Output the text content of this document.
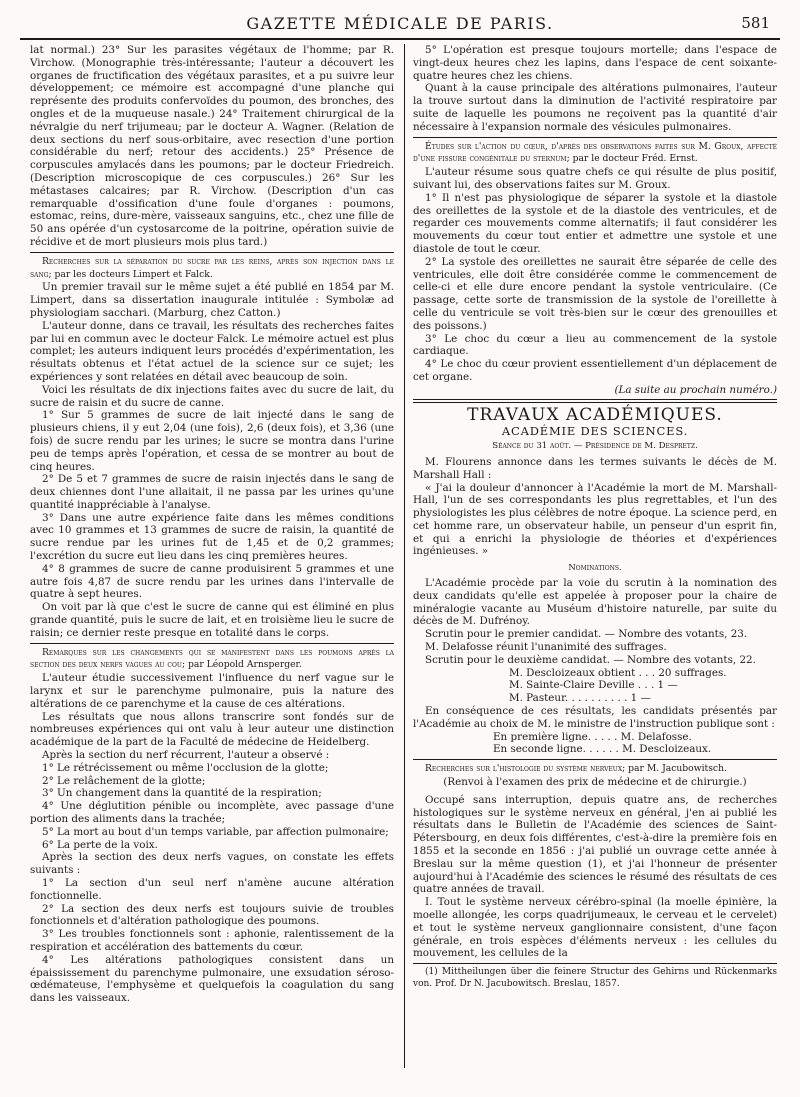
GAZETTE MÉDICALE DE PARIS.	581

lat normal.) 23° Sur les parasites végétaux de l'homme; par R. Virchow. (Monographie très-intéressante; l'auteur a découvert les organes de fructification des végétaux parasites, et a pu suivre leur développement; ce mémoire est accompagné d'une planche qui représente des produits confervoïdes du poumon, des bronches, des ongles et de la muqueuse nasale.) 24° Traitement chirurgical de la névralgie du nerf trijumeau; par le docteur A. Wagner. (Relation de deux sections du nerf sous-orbitaire, avec resection d'une portion considérable du nerf; retour des accidents.) 25° Présence de corpuscules amylacés dans les poumons; par le docteur Friedreich. (Description microscopique de ces corpuscules.) 26° Sur les métastases calcaires; par R. Virchow. (Description d'un cas remarquable d'ossification d'une foule d'organes : poumons, estomac, reins, dure-mère, vaisseaux sanguins, etc., chez une fille de 50 ans opérée d'un cystosarcome de la poitrine, opération suivie de récidive et de mort plusieurs mois plus tard.)

Recherches sur la séparation du sucre par les reins, après son injection dans le sang; par les docteurs Limpert et Falck.

Un premier travail sur le même sujet a été publié en 1854 par M. Limpert, dans sa dissertation inaugurale intitulée : Symbolæ ad physiologiam sacchari. (Marburg, chez Catton.)

L'auteur donne, dans ce travail, les résultats des recherches faites par lui en commun avec le docteur Falck. Le mémoire actuel est plus complet; les auteurs indiquent leurs procédés d'expérimentation, les résultats obtenus et l'état actuel de la science sur ce sujet; les expériences y sont relatées en détail avec beaucoup de soin.

Voici les résultats de dix injections faites avec du sucre de lait, du sucre de raisin et du sucre de canne.

1° Sur 5 grammes de sucre de lait injecté dans le sang de plusieurs chiens, il y eut 2,04 (une fois), 2,6 (deux fois), et 3,36 (une fois) de sucre rendu par les urines; le sucre se montra dans l'urine peu de temps après l'opération, et cessa de se montrer au bout de cinq heures.

2° De 5 et 7 grammes de sucre de raisin injectés dans le sang de deux chiennes dont l'une allaitait, il ne passa par les urines qu'une quantité inappréciable à l'analyse.

3° Dans une autre expérience faite dans les mêmes conditions avec 10 grammes et 13 grammes de sucre de raisin, la quantité de sucre rendue par les urines fut de 1,45 et de 0,2 grammes; l'excrétion du sucre eut lieu dans les cinq premières heures.

4° 8 grammes de sucre de canne produisirent 5 grammes et une autre fois 4,87 de sucre rendu par les urines dans l'intervalle de quatre à sept heures.

On voit par là que c'est le sucre de canne qui est éliminé en plus grande quantité, puis le sucre de lait, et en troisième lieu le sucre de raisin; ce dernier reste presque en totalité dans le corps.

Remarques sur les changements qui se manifestent dans les poumons après la section des deux nerfs vagues au cou; par Léopold Arnsperger.

L'auteur étudie successivement l'influence du nerf vague sur le larynx et sur le parenchyme pulmonaire, puis la nature des altérations de ce parenchyme et la cause de ces altérations.

Les résultats que nous allons transcrire sont fondés sur de nombreuses expériences qui ont valu à leur auteur une distinction académique de la part de la Faculté de médecine de Heidelberg.

Après la section du nerf récurrent, l'auteur a observé :

1° Le rétrécissement ou même l'occlusion de la glotte;

2° Le relâchement de la glotte;

3° Un changement dans la quantité de la respiration;

4° Une déglutition pénible ou incomplète, avec passage d'une portion des aliments dans la trachée;

5° La mort au bout d'un temps variable, par affection pulmonaire;

6° La perte de la voix.

Après la section des deux nerfs vagues, on constate les effets suivants :

1° La section d'un seul nerf n'amène aucune altération fonctionnelle.

2° La section des deux nerfs est toujours suivie de troubles fonctionnels et d'altération pathologique des poumons.

3° Les troubles fonctionnels sont : aphonie, ralentissement de la respiration et accélération des battements du cœur.

4° Les altérations pathologiques consistent dans un épaississement du parenchyme pulmonaire, une exsudation séroso-œdémateuse, l'emphysème et quelquefois la coagulation du sang dans les vaisseaux.

5° L'opération est presque toujours mortelle; dans l'espace de vingt-deux heures chez les lapins, dans l'espace de cent soixante-quatre heures chez les chiens.

Quant à la cause principale des altérations pulmonaires, l'auteur la trouve surtout dans la diminution de l'activité respiratoire par suite de laquelle les poumons ne reçoivent pas la quantité d'air nécessaire à l'expansion normale des vésicules pulmonaires.

Études sur l'action du cœur, d'après des observations faites sur M. Groux, affecté d'une fissure congénitale du sternum; par le docteur Fréd. Ernst.

L'auteur résume sous quatre chefs ce qui résulte de plus positif, suivant lui, des observations faites sur M. Groux.

1° Il n'est pas physiologique de séparer la systole et la diastole des oreillettes de la systole et de la diastole des ventricules, et de regarder ces mouvements comme alternatifs; il faut considérer les mouvements du cœur tout entier et admettre une systole et une diastole de tout le cœur.

2° La systole des oreillettes ne saurait être séparée de celle des ventricules, elle doit être considérée comme le commencement de celle-ci et elle dure encore pendant la systole ventriculaire. (Ce passage, cette sorte de transmission de la systole de l'oreillette à celle du ventricule se voit très-bien sur le cœur des grenouilles et des poissons.)

3° Le choc du cœur a lieu au commencement de la systole cardiaque.

4° Le choc du cœur provient essentiellement d'un déplacement de cet organe.

(La suite au prochain numéro.)

TRAVAUX ACADÉMIQUES.
ACADÉMIE DES SCIENCES.
Séance du 31 août. — Présidence de M. Despretz.

M. Flourens annonce dans les termes suivants le décès de M. Marshall Hall :

« J'ai la douleur d'annoncer à l'Académie la mort de M. Marshall-Hall, l'un de ses correspondants les plus regrettables, et l'un des physiologistes les plus célèbres de notre époque. La science perd, en cet homme rare, un observateur habile, un penseur d'un esprit fin, et qui a enrichi la physiologie de théories et d'expériences ingénieuses. »

Nominations.

L'Académie procède par la voie du scrutin à la nomination des deux candidats qu'elle est appelée à proposer pour la chaire de minéralogie vacante au Muséum d'histoire naturelle, par suite du décès de M. Dufrénoy.

Scrutin pour le premier candidat. — Nombre des votants, 23.

M. Delafosse réunit l'unanimité des suffrages.

Scrutin pour le deuxième candidat. — Nombre des votants, 22.

M. Descloizeaux obtient . . . 20 suffrages.

M. Sainte-Claire Deville . . . 1 —

M. Pasteur. . . . . . . . . . 1 —

En conséquence de ces résultats, les candidats présentés par l'Académie au choix de M. le ministre de l'instruction publique sont :

En première ligne. . . . . M. Delafosse.

En seconde ligne. . . . . . M. Descloizeaux.

Recherches sur l'histologie du système nerveux; par M. Jacubowitsch.

(Renvoi à l'examen des prix de médecine et de chirurgie.)

Occupé sans interruption, depuis quatre ans, de recherches histologiques sur le système nerveux en général, j'en ai publié les résultats dans le Bulletin de l'Académie des sciences de Saint-Pétersbourg, en deux fois différentes, c'est-à-dire la première fois en 1855 et la seconde en 1856 : j'ai publié un ouvrage cette année à Breslau sur la même question (1), et j'ai l'honneur de présenter aujourd'hui à l'Académie des sciences le résumé des résultats de ces quatre années de travail.

I. Tout le système nerveux cérébro-spinal (la moelle épinière, la moelle allongée, les corps quadrijumeaux, le cerveau et le cervelet) et tout le système nerveux ganglionnaire consistent, d'une façon générale, en trois espèces d'éléments nerveux : les cellules du mouvement, les cellules de la

(1) Mittheilungen über die feinere Structur des Gehirns und Rückenmarks von. Prof. Dr N. Jacubowitsch. Breslau, 1857.
